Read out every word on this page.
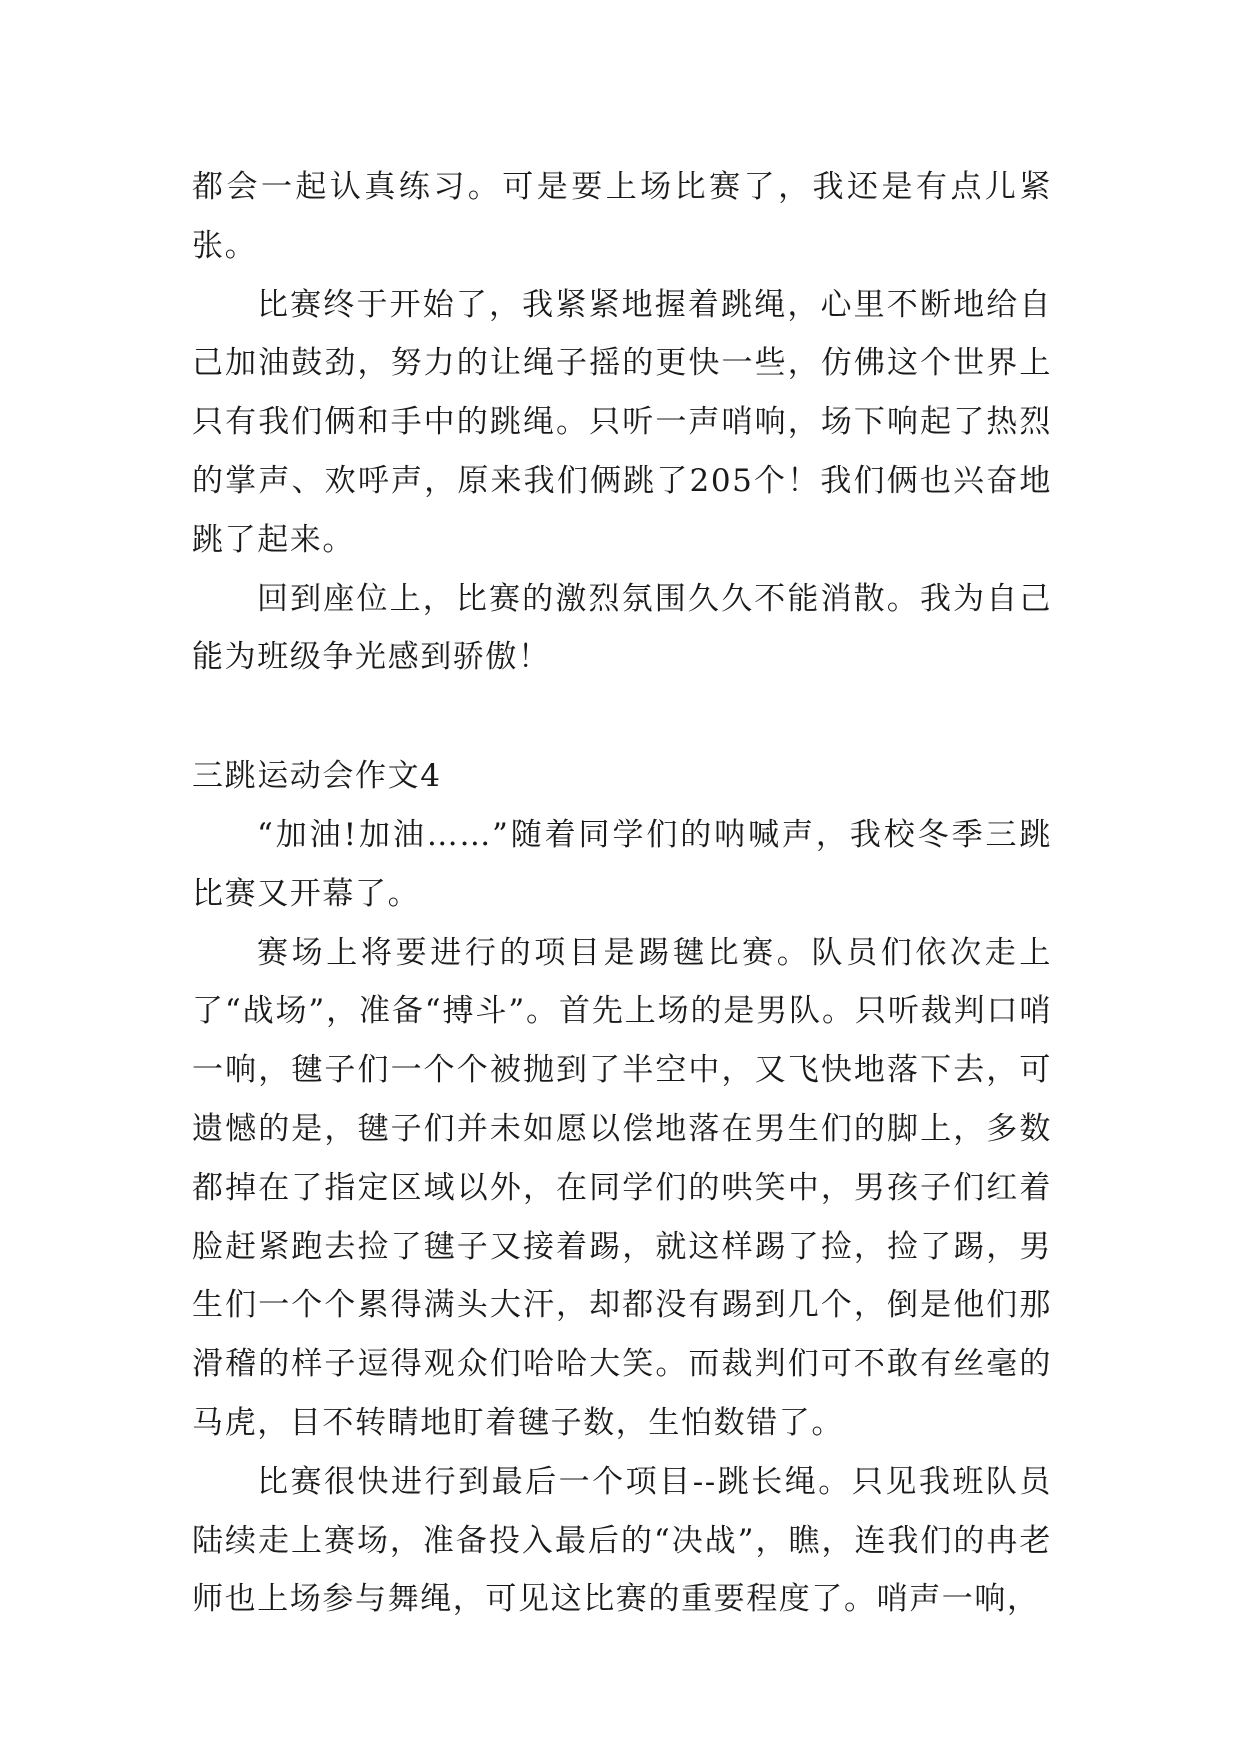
都会一起认真练习。可是要上场比赛了，我还是有点儿紧张。

比赛终于开始了，我紧紧地握着跳绳，心里不断地给自己加油鼓劲，努力的让绳子摇的更快一些，仿佛这个世界上只有我们俩和手中的跳绳。只听一声哨响，场下响起了热烈的掌声、欢呼声，原来我们俩跳了205个！我们俩也兴奋地跳了起来。

回到座位上，比赛的激烈氛围久久不能消散。我为自己能为班级争光感到骄傲！

三跳运动会作文4

“加油!加油……”随着同学们的呐喊声，我校冬季三跳比赛又开幕了。

赛场上将要进行的项目是踢毽比赛。队员们依次走上了“战场”，准备“搏斗”。首先上场的是男队。只听裁判口哨一响，毽子们一个个被抛到了半空中，又飞快地落下去，可遗憾的是，毽子们并未如愿以偿地落在男生们的脚上，多数都掉在了指定区域以外，在同学们的哄笑中，男孩子们红着脸赶紧跑去捡了毽子又接着踢，就这样踢了捡，捡了踢，男生们一个个累得满头大汗，却都没有踢到几个，倒是他们那滑稽的样子逗得观众们哈哈大笑。而裁判们可不敢有丝毫的马虎，目不转睛地盯着毽子数，生怕数错了。

比赛很快进行到最后一个项目--跳长绳。只见我班队员陆续走上赛场，准备投入最后的“决战”，瞧，连我们的冉老师也上场参与舞绳，可见这比赛的重要程度了。哨声一响，
